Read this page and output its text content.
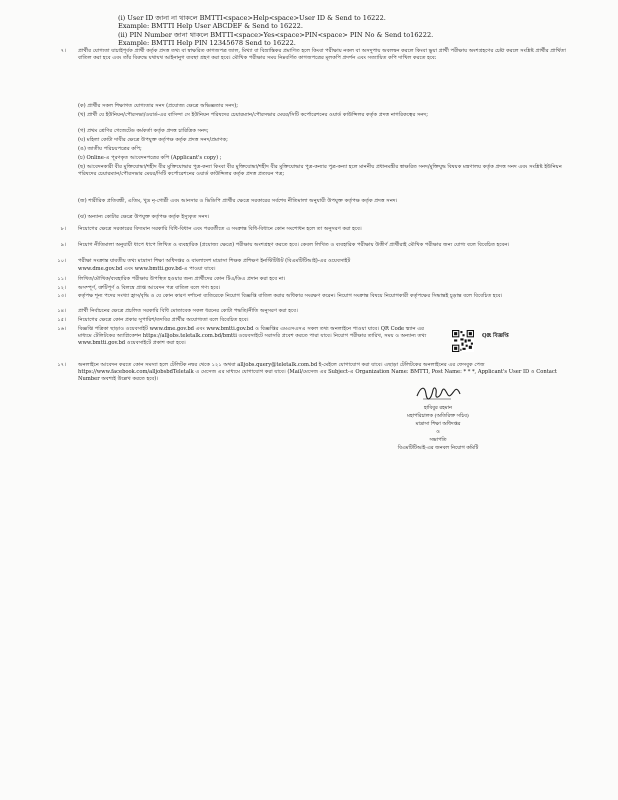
(i) User ID জানা না থাকলে BMTTI<space>Help<space>User ID & Send to 16222.
Example: BMTTI Help User ABCDEF & Send to 16222.
(ii) PIN Number জানা থাকলে BMTTI<space>Yes<space>PIN<space> PIN No & Send to16222.
Example: BMTTI Help PIN 12345678 Send to 16222.
৭। প্রার্থীর যোগ্যতা যাচাইপূর্বক প্রার্থী কর্তৃক প্রদত্ত তথ্য বা স্বাক্ষরিত কাগজপত্র জাল, মিথ্যা বা বিভ্রান্তিকর প্রমাণিত হলে কিংবা পরীক্ষায় নকল বা অসদুপায় অবলম্বন করলে কিংবা ভুয়া প্রার্থী পরীক্ষায় অংশগ্রহণের চেষ্টা করলে সংশ্লিষ্ট প্রার্থীর প্রার্থিতা বাতিল করা হবে এবং তাঁর বিরুদ্ধে যথাযথ আইনানুগ ব্যবস্থা গ্রহণ করা হবে। মৌখিক পরীক্ষার সময় নিম্নবর্ণিত কাগজপত্রের মূলকপি প্রদর্শন এবং সত্যায়িত কপি দাখিল করতে হবে:
(ক) প্রার্থীর সকল শিক্ষাগত যোগ্যতার সনদ (প্রযোজ্য ক্ষেত্রে অভিজ্ঞতার সনদ);
(খ) প্রার্থী যে ইউনিয়ন/পৌরসভা/ওয়ার্ড-এর বাসিন্দা সে ইউনিয়ন পরিষদের চেয়ারম্যান/পৌরসভার মেয়র/সিটি কর্পোরেশনের ওয়ার্ড কাউন্সিলর কর্তৃক প্রদত্ত নাগরিকত্বের সনদ;
(গ) প্রথম শ্রেণির গেজেটেড কর্মকর্তা কর্তৃক প্রদত্ত চারিত্রিক সনদ;
(ঘ) মহিলা কোটা দাবীর ক্ষেত্রে উপযুক্ত কর্তৃপক্ষ কর্তৃক প্রদত্ত সনদ/প্রমাণক;
(ঙ) জাতীয় পরিচয়পত্রের কপি;
(চ) Online-এ পূরণকৃত আবেদনপত্রের কপি (Applicant's copy) ;
(ছ) আবেদনকারী বীর মুক্তিযোদ্ধা/শহীদ বীর মুক্তিযোদ্ধার পুত্র-কন্যা কিংবা বীর মুক্তিযোদ্ধা/শহীদ বীর মুক্তিযোদ্ধার পুত্র-কন্যার পুত্র-কন্যা হলে মাননীয় প্রধানমন্ত্রীর স্বাক্ষরিত সনদ/মুক্তিযুদ্ধ বিষয়ক মন্ত্রণালয় কর্তৃক প্রদত্ত সনদ এবং সংশ্লিষ্ট ইউনিয়ন পরিষদের চেয়ারম্যান/পৌরসভার মেয়র/সিটি কর্পোরেশনের ওয়ার্ড কাউন্সিলর কর্তৃক প্রদত্ত প্রত্যয়ন পত্র;
(জ) শারীরিক প্রতিবন্ধী, এতিম, খুদ্র নৃ-গোষ্ঠী এবং আনসার ও ভিডিপি প্রার্থীর ক্ষেত্রে সরকারের সর্বশেষ নীতিমালা অনুযায়ী উপযুক্ত কর্তৃপক্ষ কর্তৃক প্রদত্ত সনদ।
(ঝ) অন্যান্য কোটার ক্ষেত্রে উপযুক্ত কর্তৃপক্ষ কর্তৃক ইস্যুকৃত সনদ।
৮। নিয়োগের ক্ষেত্রে সরকারের বিদ্যমান সরকারি বিধি-বিধান এবং পরবর্তীতে এ সংক্রান্ত বিধি-বিধানে কোন সংশোধন হলে তা অনুসরণ করা হবে।
৯। নিয়োগ নীতিমালা অনুযায়ী ধাপে ধাপে লিখিত ও ব্যবহারিক (প্রযোজ্য ক্ষেত্রে) পরীক্ষায় অংশগ্রহণ করতে হবে। কেবল লিখিত ও ব্যবহারিক পরীক্ষায় উত্তীর্ণ প্রার্থীরাই মৌখিক পরীক্ষার জন্য যোগ্য বলে বিবেচিত হবেন।
১০। পরীক্ষা সংক্রান্ত যাবতীয় তথ্য মাদ্রাসা শিক্ষা অধিদপ্তর ও বাংলাদেশ মাদ্রাসা শিক্ষক প্রশিক্ষণ ইনস্টিটিউট (বিএমটিটিআই)-এর ওয়েবসাইট
www.dme.gov.bd এবং www.bmtti.gov.bd-এ পাওয়া যাবে।
১১। লিখিত/মৌখিক/ব্যবহারিক পরীক্ষায় উপস্থিত হওয়ার জন্য প্রার্থীদের কোন টিএ/ডিএ প্রদান করা হবে না।
১২। অসম্পূর্ণ, ত্রুটিপূর্ণ ও বিলম্বে প্রাপ্ত আবেদন পত্র বাতিল বলে গণ্য হবে।
১৩। কর্তৃপক্ষ শূন্য পদের সংখ্যা হ্রাস/বৃদ্ধি ও যে কোন কারণ দর্শানো ব্যতিরেকে নিয়োগ বিজ্ঞপ্তি বাতিল করার অধিকার সংরক্ষণ করেন। নিয়োগ সংক্রান্ত বিষয়ে নিয়োগকারী কর্তৃপক্ষের সিদ্ধান্তই চূড়ান্ত বলে বিবেচিত হবে।
১৪। প্রার্থী নির্বাচনের ক্ষেত্রে প্রচলিত সরকারি বিধি মোতাবেক সকল ধরনের কোটা পদ্ধতি/নীতি অনুসরণ করা হবে।
১৫। নিয়োগের ক্ষেত্রে কোন প্রকার সুপারিশ/তদবির প্রার্থীর অযোগ্যতা বলে বিবেচিত হবে।
১৬। বিজ্ঞপ্তি পত্রিকা ছাড়াও ওয়েবসাইট www.dme.gov.bd এবং www.bmtti.gov.bd ও বিজ্ঞপ্তির এমএসএসএ সকল তথ্য অনলাইনে পাওয়া যাবে। QR Code স্ক্যান এর মাধ্যমে টেলিটকের অ্যাপ্লিকেশন https://alljobs.teletalk.com.bd/bmtti ওয়েবসাইটে সরাসরি প্রবেশ করতে পারা যাবে। নিয়োগ পরীক্ষার তারিখ, সময় ও অন্যান্য তথ্য www.bmtti.gov.bd ওয়েবসাইটে প্রকাশ করা হবে।
১৭। অনলাইনে আবেদন করতে কোন সমস্যা হলে টেলিটক নম্বর থেকে ১২১ অথবা alljobs.query@teletalk.com.bd ই-মেইলে যোগাযোগ করা যাবে। এছাড়া টেলিটকের অনলাইনের এর ফেসবুক পেজ https://www.facebook.com/alljobsbdTeletalk এ মেসেজ এর মাধ্যমে যোগাযোগ করা যাবে। (Mail/মেসেজ এর Subject-এ Organization Name: BMTTI, Post Name: * * *, Applicant's User ID ও Contact Number অবশ্যই উল্লেখ করতে হবে)।
QR বিজ্ঞপ্তি
হাবিবুর রহমান
মহাপরিচালক (অতিরিক্ত সচিব)
মাদ্রাসা শিক্ষা অধিদপ্তর
ও
সভাপতি
বিএমটিটিআই-এর জনবল নিয়োগ কমিটি
